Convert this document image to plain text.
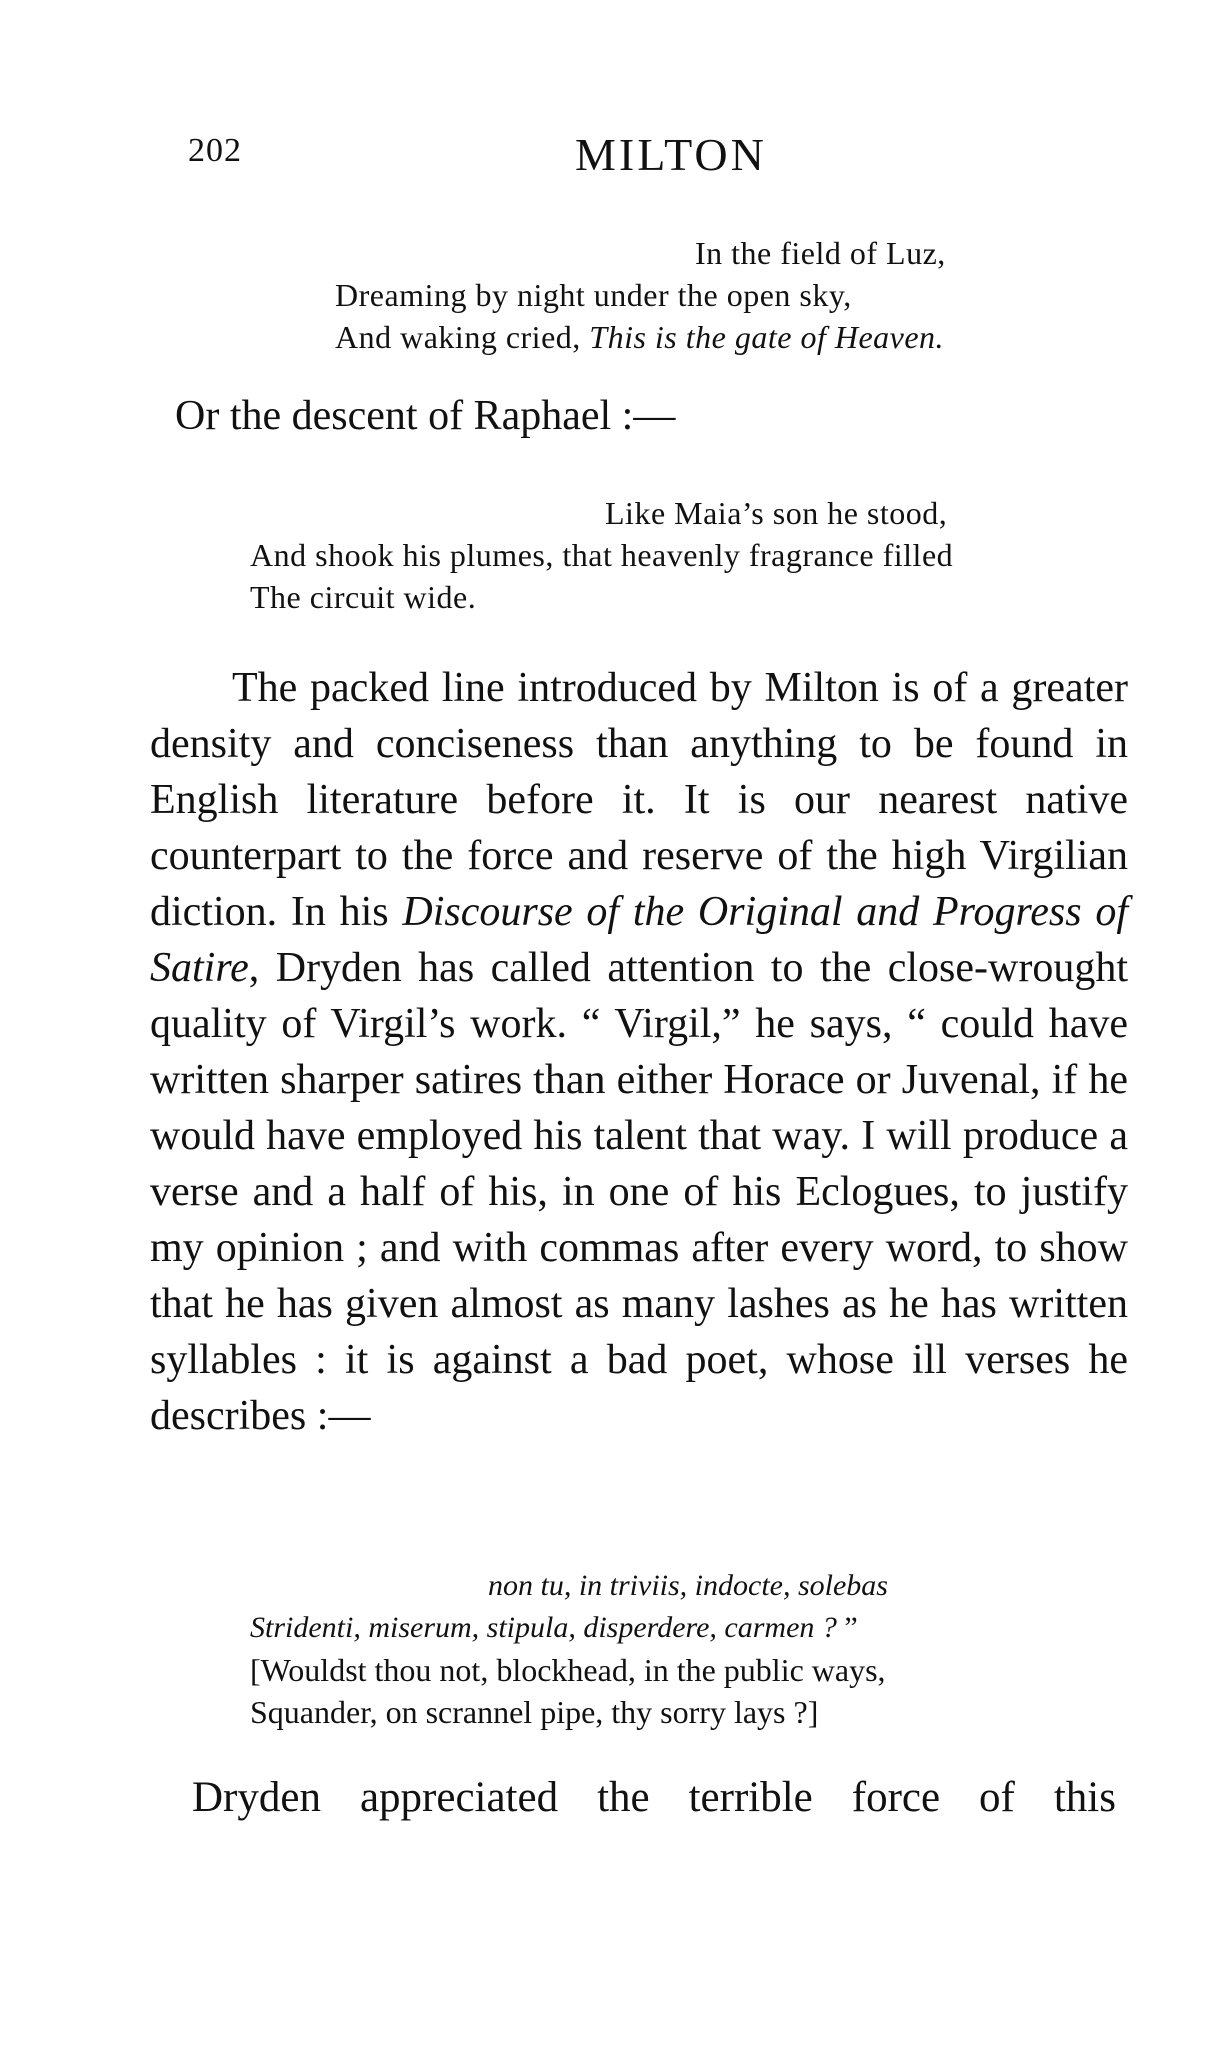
202	MILTON
In the field of Luz,
Dreaming by night under the open sky,
And waking cried, This is the gate of Heaven.
Or the descent of Raphael :—
Like Maia’s son he stood,
And shook his plumes, that heavenly fragrance filled
The circuit wide.

The packed line introduced by Milton is of a greater density and conciseness than anything to be found in English literature before it. It is our nearest native counterpart to the force and reserve of the high Virgilian diction. In his Discourse of the Original and Progress of Satire, Dryden has called attention to the close-wrought quality of Virgil’s work. “ Virgil,” he says, “ could have written sharper satires than either Horace or Juvenal, if he would have employed his talent that way. I will produce a verse and a half of his, in one of his Eclogues, to justify my opinion ; and with commas after every word, to show that he has given almost as many lashes as he has written syllables : it is against a bad poet, whose ill verses he describes :—

non tu, in triviis, indocte, solebas
Stridenti, miserum, stipula, disperdere, carmen ? ”
[Wouldst thou not, blockhead, in the public ways,
Squander, on scrannel pipe, thy sorry lays ?]
Dryden appreciated the terrible force of this
